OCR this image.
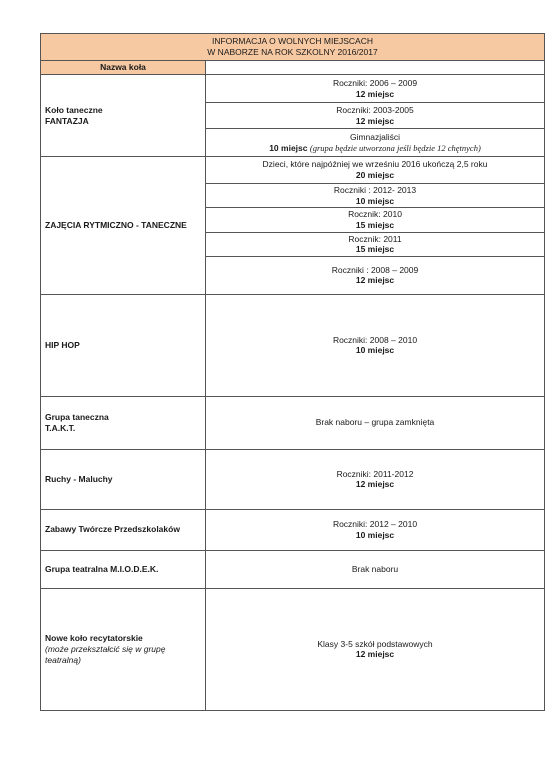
INFORMACJA O WOLNYCH MIEJSCACH
W NABORZE NA ROK SZKOLNY 2016/2017	
Nazwa koła	
Koło taneczne
FANTAZJA	Roczniki: 2006 – 2009
12 miejsc

	Roczniki: 2003-2005
12 miejsc

	Gimnazjaliści
10 miejsc (grupa będzie utworzona jeśli będzie 12 chętnych)
ZAJĘCIA RYTMICZNO - TANECZNE	Dzieci, które najpóźniej we wrześniu 2016 ukończą 2,5 roku
20 miejsc

	Roczniki : 2012- 2013
10 miejsc

	Rocznik: 2010
15 miejsc

	Rocznik: 2011
15 miejsc

	Roczniki : 2008 – 2009
12 miejsc

HIP HOP	Roczniki: 2008 – 2010
10 miejsc

Grupa taneczna
T.A.K.T.	Brak naboru – grupa zamknięta
Ruchy - Maluchy	Roczniki: 2011-2012
12 miejsc

Zabawy Twórcze Przedszkolaków	Roczniki: 2012 – 2010
10 miejsc

Grupa teatralna M.I.O.D.E.K.	Brak naboru
Nowe koło recytatorskie
(może przekształcić się w grupę teatralną)	Klasy 3-5 szkół podstawowych
12 miejsc
